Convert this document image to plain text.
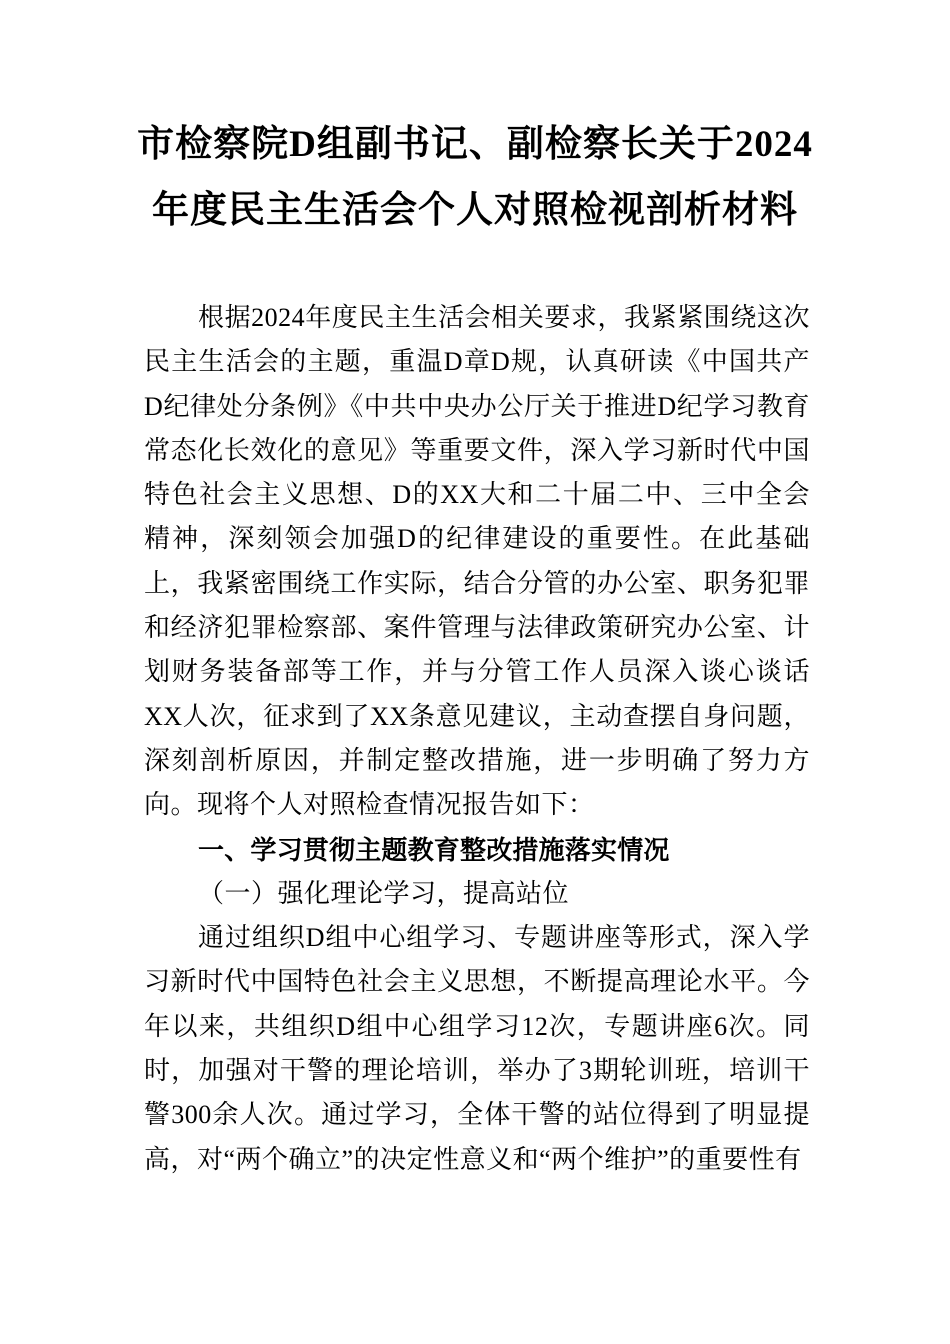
市检察院D组副书记、副检察长关于2024
年度民主生活会个人对照检视剖析材料

根据2024年度民主生活会相关要求，我紧紧围绕这次民主生活会的主题，重温D章D规，认真研读《中国共产D纪律处分条例》《中共中央办公厅关于推进D纪学习教育常态化长效化的意见》等重要文件，深入学习新时代中国特色社会主义思想、D的XX大和二十届二中、三中全会精神，深刻领会加强D的纪律建设的重要性。在此基础上，我紧密围绕工作实际，结合分管的办公室、职务犯罪和经济犯罪检察部、案件管理与法律政策研究办公室、计划财务装备部等工作，并与分管工作人员深入谈心谈话XX人次，征求到了XX条意见建议，主动查摆自身问题，深刻剖析原因，并制定整改措施，进一步明确了努力方向。现将个人对照检查情况报告如下：

一、学习贯彻主题教育整改措施落实情况

（一）强化理论学习，提高站位

通过组织D组中心组学习、专题讲座等形式，深入学习新时代中国特色社会主义思想，不断提高理论水平。今年以来，共组织D组中心组学习12次，专题讲座6次。同时，加强对干警的理论培训，举办了3期轮训班，培训干警300余人次。通过学习，全体干警的站位得到了明显提高，对“两个确立”的决定性意义和“两个维护”的重要性有
